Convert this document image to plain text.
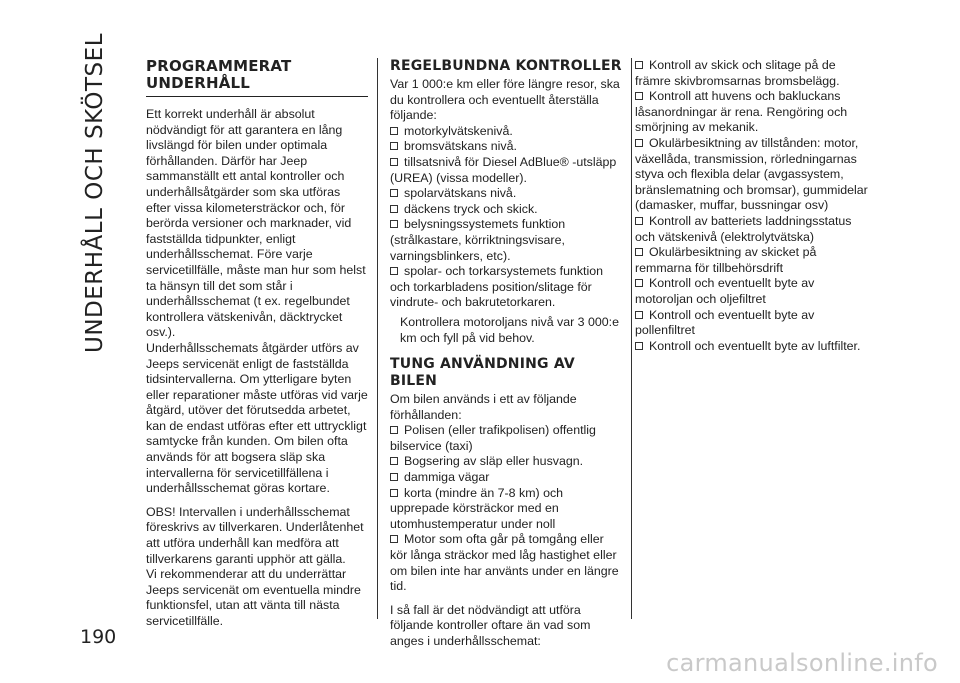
UNDERHÅLL OCH SKÖTSEL
190
PROGRAMMERAT UNDERHÅLL

Ett korrekt underhåll är absolut nödvändigt för att garantera en lång livslängd för bilen under optimala förhållanden. Därför har Jeep sammanställt ett antal kontroller och underhållsåtgärder som ska utföras efter vissa kilometersträckor och, för berörda versioner och marknader, vid fastställda tidpunkter, enligt underhållsschemat. Före varje servicetillfälle, måste man hur som helst ta hänsyn till det som står i underhållsschemat (t ex. regelbundet kontrollera vätskenivån, däcktrycket osv.).

Underhållsschemats åtgärder utförs av Jeeps servicenät enligt de fastställda tidsintervallerna. Om ytterligare byten eller reparationer måste utföras vid varje åtgärd, utöver det förutsedda arbetet, kan de endast utföras efter ett uttryckligt samtycke från kunden. Om bilen ofta används för att bogsera släp ska intervallerna för servicetillfällena i underhållsschemat göras kortare.

OBS! Intervallen i underhållsschemat föreskrivs av tillverkaren. Underlåtenhet att utföra underhåll kan medföra att tillverkarens garanti upphör att gälla.

Vi rekommenderar att du underrättar Jeeps servicenät om eventuella mindre funktionsfel, utan att vänta till nästa servicetillfälle.

REGELBUNDNA KONTROLLER

Var 1 000:e km eller före längre resor, ska du kontrollera och eventuellt återställa följande:

motorkylvätskenivå.
bromsvätskans nivå.
tillsatsnivå för Diesel AdBlue® -utsläpp (UREA) (vissa modeller).
spolarvätskans nivå.
däckens tryck och skick.
belysningssystemets funktion (strålkastare, körriktningsvisare, varningsblinkers, etc).
spolar- och torkarsystemets funktion och torkarbladens position/slitage för vindrute- och bakrutetorkaren.

Kontrollera motoroljans nivå var 3 000:e km och fyll på vid behov.

TUNG ANVÄNDNING AV BILEN

Om bilen används i ett av följande förhållanden:

Polisen (eller trafikpolisen) offentlig bilservice (taxi)
Bogsering av släp eller husvagn.
dammiga vägar
korta (mindre än 7-8 km) och upprepade körsträckor med en utomhustemperatur under noll
Motor som ofta går på tomgång eller kör långa sträckor med låg hastighet eller om bilen inte har använts under en längre tid.

I så fall är det nödvändigt att utföra följande kontroller oftare än vad som anges i underhållsschemat:

Kontroll av skick och slitage på de främre skivbromsarnas bromsbelägg.
Kontroll att huvens och bakluckans låsanordningar är rena. Rengöring och smörjning av mekanik.
Okulärbesiktning av tillstånden: motor, växellåda, transmission, rörledningarnas styva och flexibla delar (avgassystem, bränslematning och bromsar), gummidelar (damasker, muffar, bussningar osv)
Kontroll av batteriets laddningsstatus och vätskenivå (elektrolytvätska)
Okulärbesiktning av skicket på remmarna för tillbehörsdrift
Kontroll och eventuellt byte av motoroljan och oljefiltret
Kontroll och eventuellt byte av pollenfiltret
Kontroll och eventuellt byte av luftfilter.
carmanualsonline.info
